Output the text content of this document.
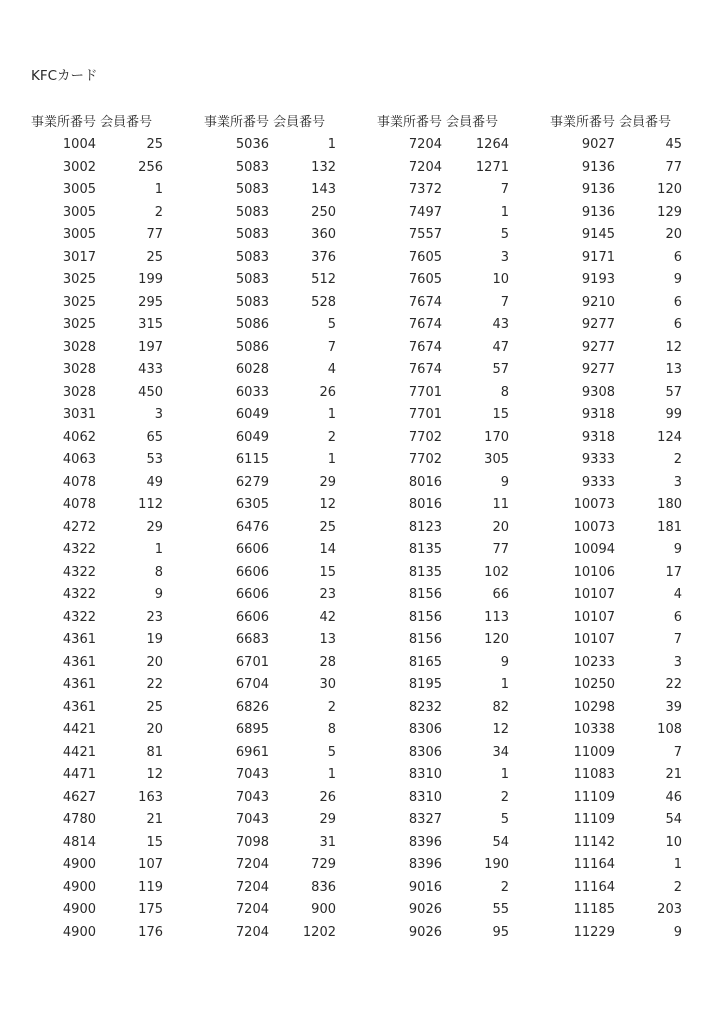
KFCカード
事業所番号 会員番号
1004	25
3002	256
3005	1
3005	2
3005	77
3017	25
3025	199
3025	295
3025	315
3028	197
3028	433
3028	450
3031	3
4062	65
4063	53
4078	49
4078	112
4272	29
4322	1
4322	8
4322	9
4322	23
4361	19
4361	20
4361	22
4361	25
4421	20
4421	81
4471	12
4627	163
4780	21
4814	15
4900	107
4900	119
4900	175
4900	176
事業所番号 会員番号
5036	1
5083	132
5083	143
5083	250
5083	360
5083	376
5083	512
5083	528
5086	5
5086	7
6028	4
6033	26
6049	1
6049	2
6115	1
6279	29
6305	12
6476	25
6606	14
6606	15
6606	23
6606	42
6683	13
6701	28
6704	30
6826	2
6895	8
6961	5
7043	1
7043	26
7043	29
7098	31
7204	729
7204	836
7204	900
7204	1202
事業所番号 会員番号
7204	1264
7204	1271
7372	7
7497	1
7557	5
7605	3
7605	10
7674	7
7674	43
7674	47
7674	57
7701	8
7701	15
7702	170
7702	305
8016	9
8016	11
8123	20
8135	77
8135	102
8156	66
8156	113
8156	120
8165	9
8195	1
8232	82
8306	12
8306	34
8310	1
8310	2
8327	5
8396	54
8396	190
9016	2
9026	55
9026	95
事業所番号 会員番号
9027	45
9136	77
9136	120
9136	129
9145	20
9171	6
9193	9
9210	6
9277	6
9277	12
9277	13
9308	57
9318	99
9318	124
9333	2
9333	3
10073	180
10073	181
10094	9
10106	17
10107	4
10107	6
10107	7
10233	3
10250	22
10298	39
10338	108
11009	7
11083	21
11109	46
11109	54
11142	10
11164	1
11164	2
11185	203
11229	9
